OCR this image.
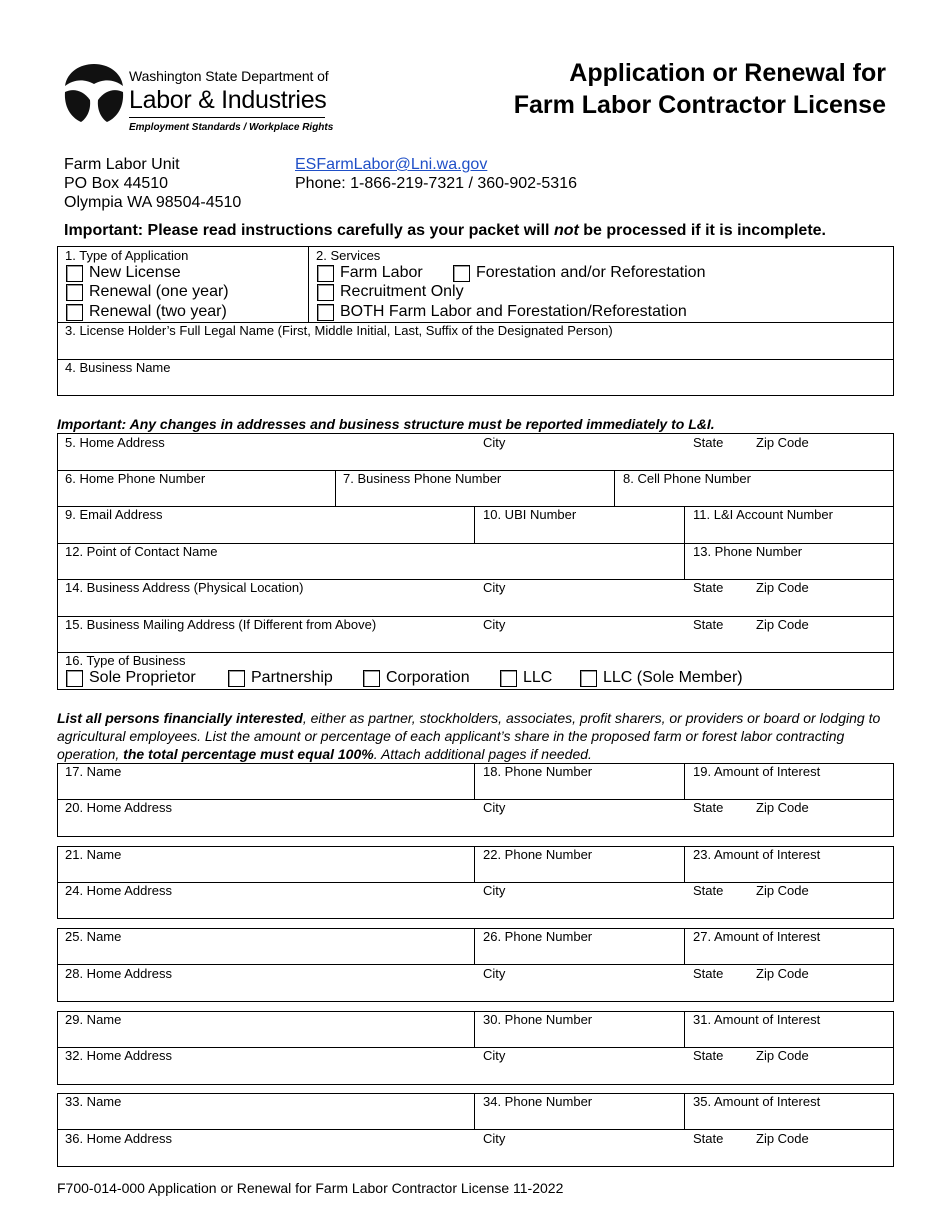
Washington State Department of
Labor & Industries
Employment Standards / Workplace Rights
Application or Renewal for
Farm Labor Contractor License
Farm Labor Unit
PO Box 44510
Olympia WA 98504-4510
ESFarmLabor@Lni.wa.gov
Phone: 1-866-219-7321 / 360-902-5316
Important: Please read instructions carefully as your packet will not be processed if it is incomplete.
1. Type of Application
New License
Renewal (one year)
Renewal (two year)
2. Services
Farm Labor	Forestation and/or Reforestation
Recruitment Only
BOTH Farm Labor and Forestation/Reforestation
3. License Holder’s Full Legal Name (First, Middle Initial, Last, Suffix of the Designated Person)
4. Business Name
Important: Any changes in addresses and business structure must be reported immediately to L&I.
5. Home Address	City	State	Zip Code
6. Home Phone Number	7. Business Phone Number	8. Cell Phone Number
9. Email Address	10. UBI Number	11. L&I Account Number
12. Point of Contact Name	13. Phone Number
14. Business Address (Physical Location)	City	State	Zip Code
15. Business Mailing Address (If Different from Above)	City	State	Zip Code
16. Type of Business
Sole Proprietor	Partnership	Corporation	LLC	LLC (Sole Member)
List all persons financially interested, either as partner, stockholders, associates, profit sharers, or providers or board or lodging to agricultural employees. List the amount or percentage of each applicant’s share in the proposed farm or forest labor contracting operation, the total percentage must equal 100%. Attach additional pages if needed.
17. Name	18. Phone Number	19. Amount of Interest
20. Home Address	City	State	Zip Code
21. Name	22. Phone Number	23. Amount of Interest
24. Home Address	City	State	Zip Code
25. Name	26. Phone Number	27. Amount of Interest
28. Home Address	City	State	Zip Code
29. Name	30. Phone Number	31. Amount of Interest
32. Home Address	City	State	Zip Code
33. Name	34. Phone Number	35. Amount of Interest
36. Home Address	City	State	Zip Code
F700-014-000 Application or Renewal for Farm Labor Contractor License 11-2022
